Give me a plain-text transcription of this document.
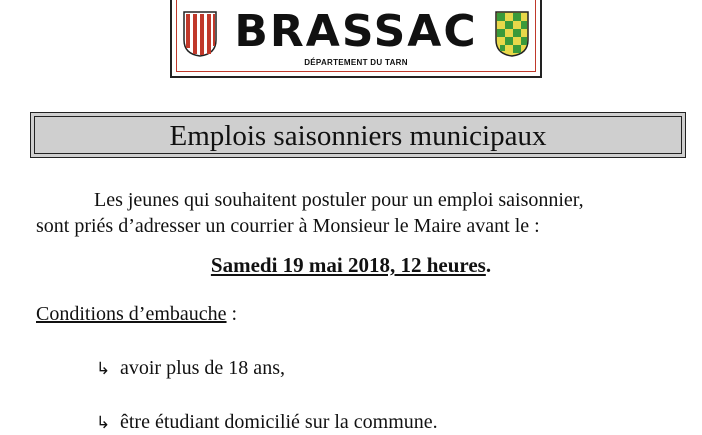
BRASSAC
DÉPARTEMENT DU TARN
Emplois saisonniers municipaux
Les jeunes qui souhaitent postuler pour un emploi saisonnier,
sont priés d’adresser un courrier à Monsieur le Maire avant le :
Samedi 19 mai 2018, 12 heures.
Conditions d’embauche :
↳ avoir plus de 18 ans,
↳ être étudiant domicilié sur la commune.
